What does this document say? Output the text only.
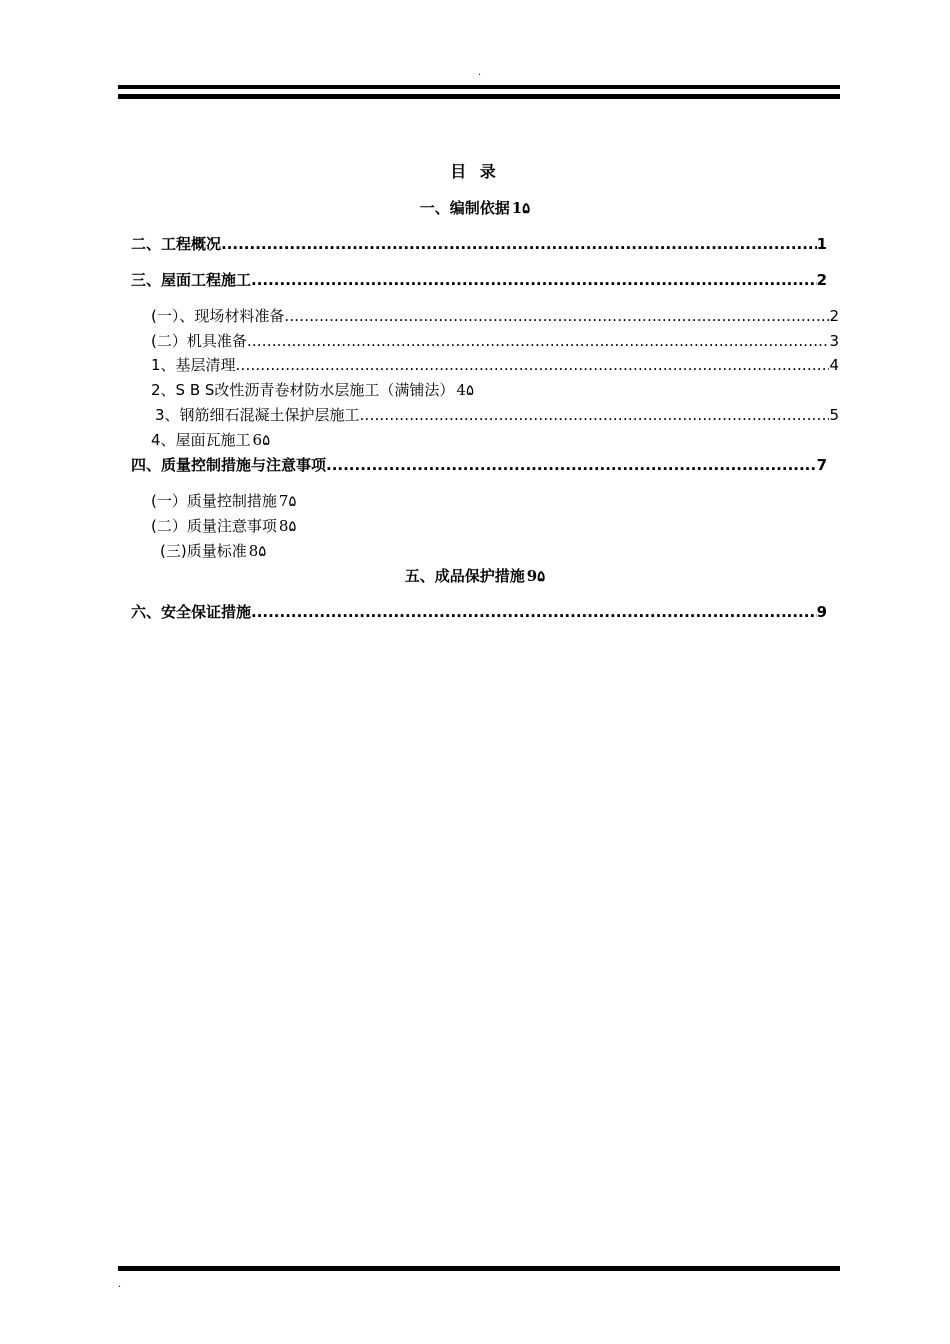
.
目 录
一、编制依据 1۵
二、工程概况 .....	1
三、屋面工程施工 .....	2
(一）、现场材料准备 .....	2
(二）机具准备 .....	3
1、基层清理 .....	4
2、S B S改性沥青卷材防水层施工（满铺法） 4۵
3、钢筋细石混凝土保护层施工 .....	5
4、屋面瓦施工 6۵
四、质量控制措施与注意事项 .....	7
(一）质量控制措施 7۵
(二）质量注意事项 8۵
(三)质量标准 8۵
五、成品保护措施 9۵
六、安全保证措施 .....	9
.
